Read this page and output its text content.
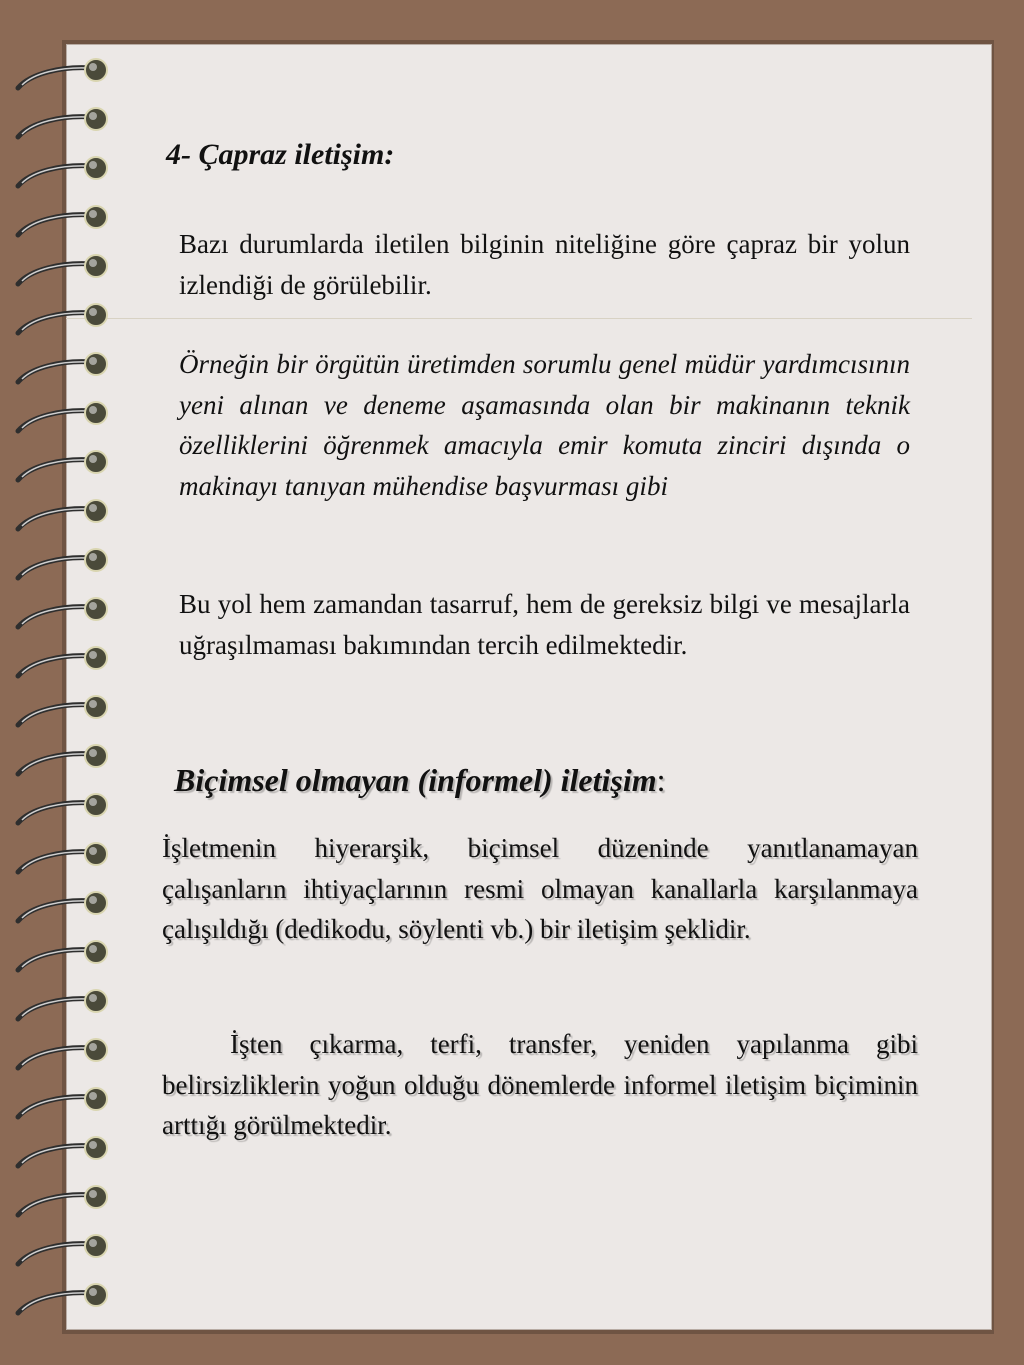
4- Çapraz iletişim:

Bazı durumlarda iletilen bilginin niteliğine göre çapraz bir yolun izlendiği de görülebilir.

Örneğin bir örgütün üretimden sorumlu genel müdür yardımcısının yeni alınan ve deneme aşamasında olan bir makinanın teknik özelliklerini öğrenmek amacıyla emir komuta zinciri dışında o makinayı tanıyan mühendise başvurması gibi

Bu yol hem zamandan tasarruf, hem de gereksiz bilgi ve mesajlarla uğraşılmaması bakımından tercih edilmektedir.

Biçimsel olmayan (informel) iletişim:

İşletmenin hiyerarşik, biçimsel düzeninde yanıtlanamayan çalışanların ihtiyaçlarının resmi olmayan kanallarla karşılanmaya çalışıldığı (dedikodu, söylenti vb.) bir iletişim şeklidir.

İşten çıkarma, terfi, transfer, yeniden yapılanma gibi belirsizliklerin yoğun olduğu dönemlerde informel iletişim biçiminin arttığı görülmektedir.
